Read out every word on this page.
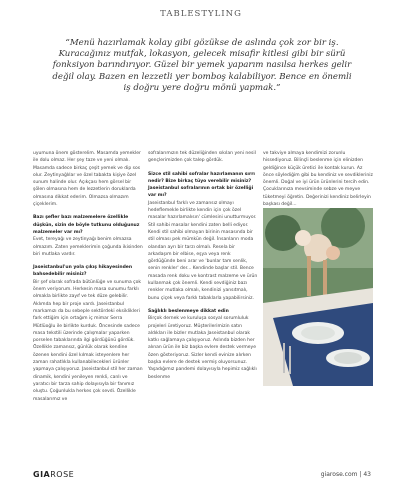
TABLESTYLING

“Menü hazırlamak kolay gibi gözükse de aslında çok zor bir iş.

Kuracağınız mutfak, lokasyon, gelecek misafir kitlesi gibi bir sürü

fonksiyon barındırıyor. Güzel bir yemek yaparım nasılsa herkes gelir

değil olay. Bazen en lezzetli yer bomboş kalabiliyor. Bence en önemli

iş doğru yere doğru mönü yapmak.”

uyumuna önem gösterelim. Masamda yemekler ile dolu olmaz. Her şey taze ve yeni olmalı. Masamda sadece birkaç çeşit yemek ve dip sos olur. Zeytinyağlılar ve özel tabakta kişiye özel sunum halinde olur. Açıkçası hem görsel bir şölen olmasına hem de lezzetlerin doruklarda olmasına dikkat ederim. Olmazsa olmazım çiçeklerim.

Bazı şefler bazı malzemelere özellikle düşkün, sizin de böyle tutkunu olduğunuz malzemeler var mı?

Evet, tereyağı ve zeytinyağı benim olmazsa olmazım. Zaten yemeklerimin çoğunda ikisinden biri mutlaka vardır.

Jaseistanbul'un yola çıkış hikayesinden bahsedebilir misiniz?

Bir şef olarak sofrada bütünlüğe ve sunuma çok önem veriyorum. Herkesin masa sunumu farklı olmakla birlikte zayıf ve tek düze gelebilir. Aklımda hep bir proje vardı. Jaseistanbul markamızı da bu sebeple sektördeki eksiklikleri fark ettiğim için ortağım iç mimar Serra Mütlüoğlu ile birlikte kurduk. Öncesinde sadece masa tekstili üzerinde çalışmalar yaparken porselen tabaklarında ilgi gördüğünü gördük. Özellikle zamansız, günlük olarak kendine özenen kendini özel kılmak isteyenlere her zaman rahatlıkla kullanabilecekleri ürünler yapmaya çalışıyoruz. Jaseistanbul stil her zaman dinamik, kendini yenileyen renkli, canlı ve yaratıcı bir tarza sahip dolayısıyla bir fanımız oluştu. Çoğunlukla herkes çok sevdi. Özellikle masalarımız ve

sofralarımızın tek düzeliğinden sıkılan yeni nesil gençlerimizden çok talep gördük.

Sizce stil sahibi sofralar hazırlamanın sırrı nedir? Bize birkaç tüyo verebilir misiniz? Jaseistanbul sofralarının ortak bir özelliği var mı?

Jaseistanbul farklı ve zamansız olmayı hedeflemekle birlikte kendin için çok özel masalar hazırlamalısın' cümlesini unutturmuyor. Stil sahibi masalar kendini zaten belli ediyor. Kendi stil sahibi olmayan birinin masasında bir stil olması pek mümkün değil. İnsanların moda olandan ayrı bir tarzı olmalı. Resela bir arkadaşım bir elbise, eşya veya renk gördüğünde beni arar ve 'bunlar tam senlik, senin renkler' der... Kendinde başlar stil. Bence masada renk doku ve kontrast malzeme ve ürün kullanmak çok önemli. Kendi sevdiğiniz bazı renkler mutlaka olmalı, kendinizi yansıtmalı, bunu çiçek veya farklı tabaklarla yapabilirsiniz.

Sağlıklı beslenmeye dikkat edin

Birçok dernek ve kuruluşa sosyal sorumluluk projeleri üretiyoruz. Müşterilerimizin satın aldıkları ile bizler mutlaka Jaseistanbul olarak katkı sağlamaya çalışıyoruz. Aslında bizden her alınan ürün ile biz başka evlere destek vermeye özen gösteriyoruz. Sizler kendi evinize alırken başka evlere de destek vermiş oluyorsunuz. Yaşadığımız pandemi dolayısıyla hepimiz sağlıklı beslenme

ve takviye almaya kendimizi zorunlu hissediyoruz. Bilinçli beslenme için elinizden geldiğince küçük üretici ile kontak kurun. Az önce söylediğim gibi bu kendiniz ve sevdikleriniz önemli. Doğal ve iyi ürün ürünlerini tercih edin. Çocuklarınıza mevsiminde sebze ve meyve tüketmeyi öğretin. Değerinizi kendiniz belirleyin başkası değil...

GIAROSE	giarose.com | 43
